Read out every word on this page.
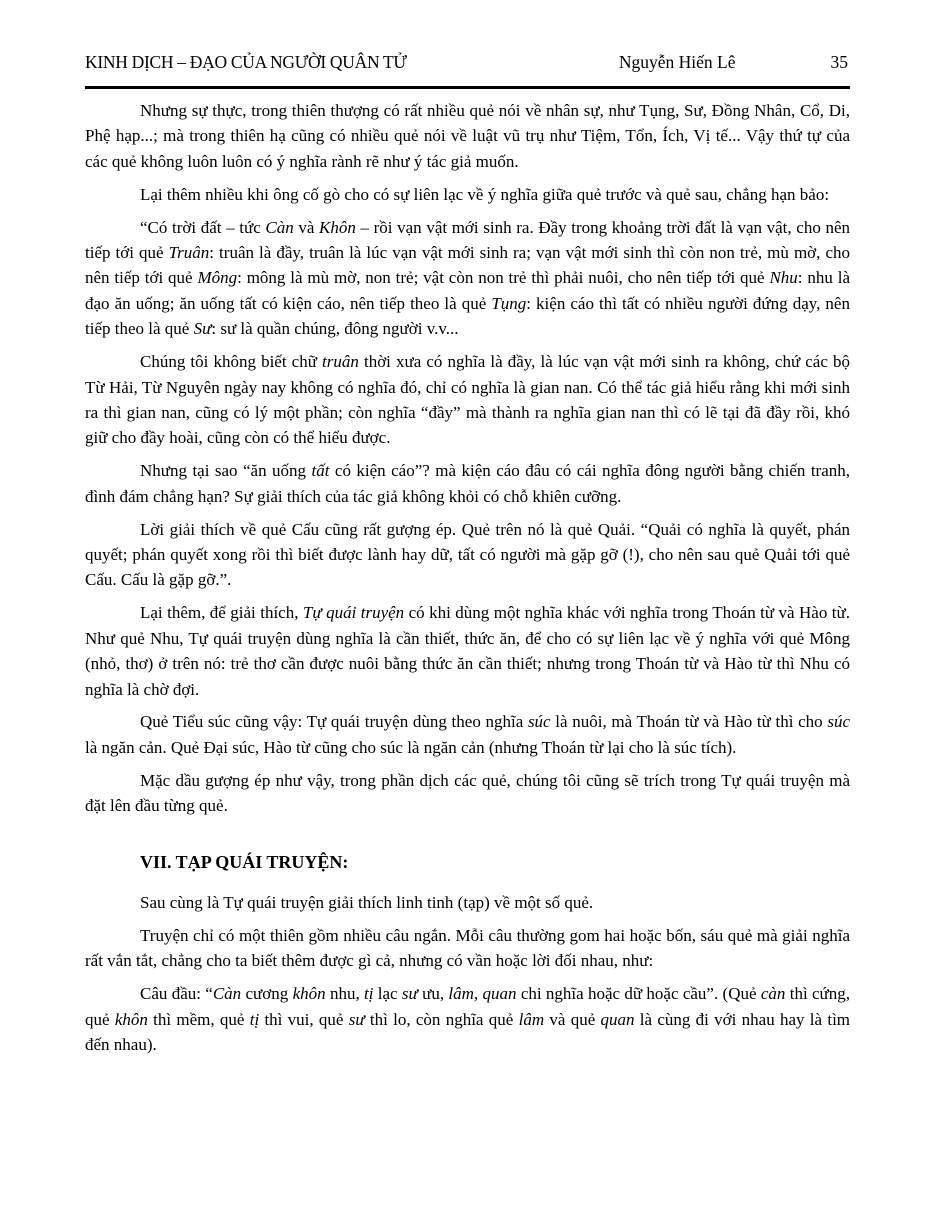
KINH DỊCH – ĐẠO CỦA NGƯỜI QUÂN TỬ	Nguyễn Hiến Lê	35

Nhưng sự thực, trong thiên thượng có rất nhiều quẻ nói về nhân sự, như Tụng, Sư, Đồng Nhân, Cổ, Di, Phệ hạp...; mà trong thiên hạ cũng có nhiều quẻ nói về luật vũ trụ như Tiệm, Tổn, Ích, Vị tế... Vậy thứ tự của các quẻ không luôn luôn có ý nghĩa rành rẽ như ý tác giả muốn.

Lại thêm nhiều khi ông cố gò cho có sự liên lạc về ý nghĩa giữa quẻ trước và quẻ sau, chẳng hạn bảo:

“Có trời đất – tức Càn và Khôn – rồi vạn vật mới sinh ra. Đầy trong khoảng trời đất là vạn vật, cho nên tiếp tới quẻ Truân: truân là đầy, truân là lúc vạn vật mới sinh ra; vạn vật mới sinh thì còn non trẻ, mù mờ, cho nên tiếp tới quẻ Mông: mông là mù mờ, non trẻ; vật còn non trẻ thì phải nuôi, cho nên tiếp tới quẻ Nhu: nhu là đạo ăn uống; ăn uống tất có kiện cáo, nên tiếp theo là quẻ Tụng: kiện cáo thì tất có nhiều người đứng dạy, nên tiếp theo là quẻ Sư: sư là quần chúng, đông người v.v...

Chúng tôi không biết chữ truân thời xưa có nghĩa là đầy, là lúc vạn vật mới sinh ra không, chứ các bộ Từ Hải, Từ Nguyên ngày nay không có nghĩa đó, chỉ có nghĩa là gian nan. Có thể tác giả hiểu rằng khi mới sinh ra thì gian nan, cũng có lý một phần; còn nghĩa “đầy” mà thành ra nghĩa gian nan thì có lẽ tại đã đầy rồi, khó giữ cho đầy hoài, cũng còn có thể hiểu được.

Nhưng tại sao “ăn uống tất có kiện cáo”? mà kiện cáo đâu có cái nghĩa đông người bằng chiến tranh, đình đám chẳng hạn? Sự giải thích của tác giả không khỏi có chỗ khiên cưỡng.

Lời giải thích về quẻ Cấu cũng rất gượng ép. Quẻ trên nó là quẻ Quải. “Quải có nghĩa là quyết, phán quyết; phán quyết xong rồi thì biết được lành hay dữ, tất có người mà gặp gỡ (!), cho nên sau quẻ Quải tới quẻ Cấu. Cấu là gặp gỡ.”.

Lại thêm, để giải thích, Tự quái truyện có khi dùng một nghĩa khác với nghĩa trong Thoán từ và Hào từ. Như quẻ Nhu, Tự quái truyện dùng nghĩa là cần thiết, thức ăn, để cho có sự liên lạc về ý nghĩa với quẻ Mông (nhỏ, thơ) ở trên nó: trẻ thơ cần được nuôi bằng thức ăn cần thiết; nhưng trong Thoán từ và Hào từ thì Nhu có nghĩa là chờ đợi.

Quẻ Tiểu súc cũng vậy: Tự quái truyện dùng theo nghĩa súc là nuôi, mà Thoán từ và Hào từ thì cho súc là ngăn cản. Quẻ Đại súc, Hào từ cũng cho súc là ngăn cản (nhưng Thoán từ lại cho là súc tích).

Mặc dầu gượng ép như vậy, trong phần dịch các quẻ, chúng tôi cũng sẽ trích trong Tự quái truyện mà đặt lên đầu từng quẻ.

VII. TẠP QUÁI TRUYỆN:

Sau cùng là Tự quái truyện giải thích linh tinh (tạp) về một số quẻ.

Truyện chỉ có một thiên gồm nhiều câu ngắn. Mỗi câu thường gom hai hoặc bốn, sáu quẻ mà giải nghĩa rất vắn tắt, chẳng cho ta biết thêm được gì cả, nhưng có vần hoặc lời đối nhau, như:

Câu đầu: “Càn cương khôn nhu, tị lạc sư ưu, lâm, quan chi nghĩa hoặc dữ hoặc cầu”. (Quẻ càn thì cứng, quẻ khôn thì mềm, quẻ tị thì vui, quẻ sư thì lo, còn nghĩa quẻ lâm và quẻ quan là cùng đi với nhau hay là tìm đến nhau).
